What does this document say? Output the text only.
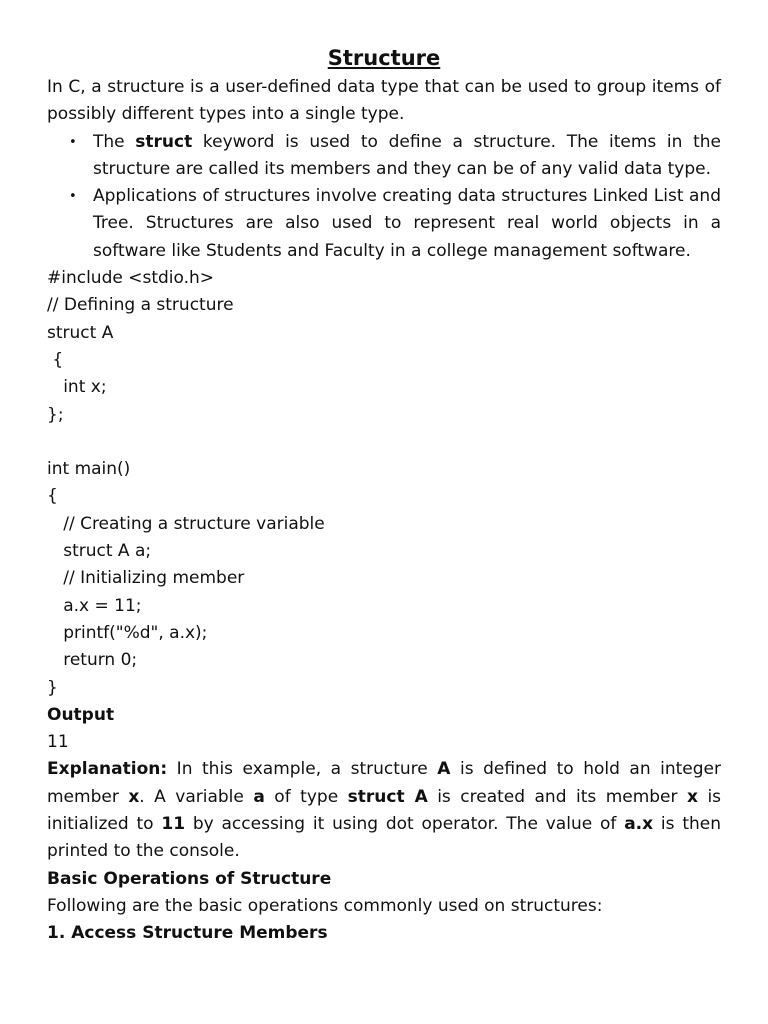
Structure

In C, a structure is a user-defined data type that can be used to group items of possibly different types into a single type.

• The struct keyword is used to define a structure. The items in the structure are called its members and they can be of any valid data type.
• Applications of structures involve creating data structures Linked List and Tree. Structures are also used to represent real world objects in a software like Students and Faculty in a college management software.

#include <stdio.h>

// Defining a structure

struct A

{

int x;

};

int main()

{

// Creating a structure variable

struct A a;

// Initializing member

a.x = 11;

printf("%d", a.x);

return 0;

}

Output

11

Explanation: In this example, a structure A is defined to hold an integer member x. A variable a of type struct A is created and its member x is initialized to 11 by accessing it using dot operator. The value of a.x is then printed to the console.

Basic Operations of Structure

Following are the basic operations commonly used on structures:

1. Access Structure Members
